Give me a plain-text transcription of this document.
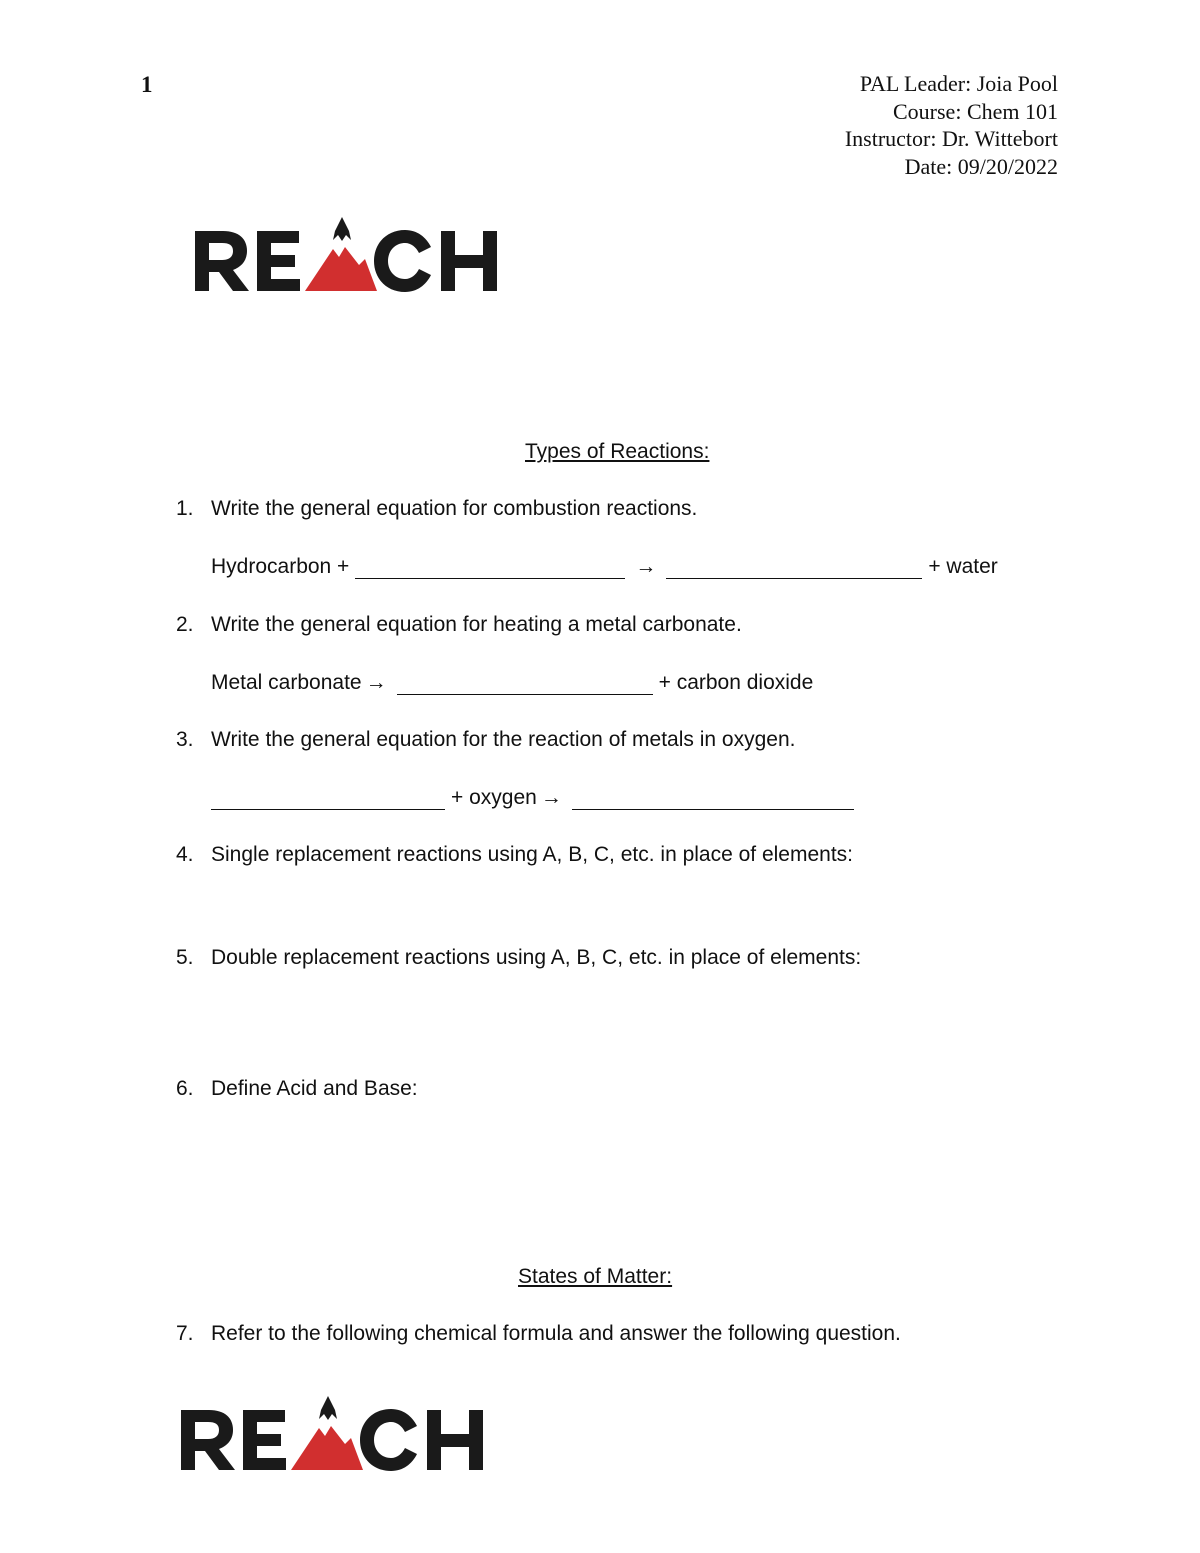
1	PAL Leader: Joia Pool
Course: Chem 101
Instructor: Dr. Wittebort
Date: 09/20/2022
Types of Reactions:
1. Write the general equation for combustion reactions.
Hydrocarbon +	→	+ water
2. Write the general equation for heating a metal carbonate.
Metal carbonate →	+ carbon dioxide
3. Write the general equation for the reaction of metals in oxygen.
+ oxygen →
4. Single replacement reactions using A, B, C, etc. in place of elements:
5. Double replacement reactions using A, B, C, etc. in place of elements:
6. Define Acid and Base:
States of Matter:
7. Refer to the following chemical formula and answer the following question.
